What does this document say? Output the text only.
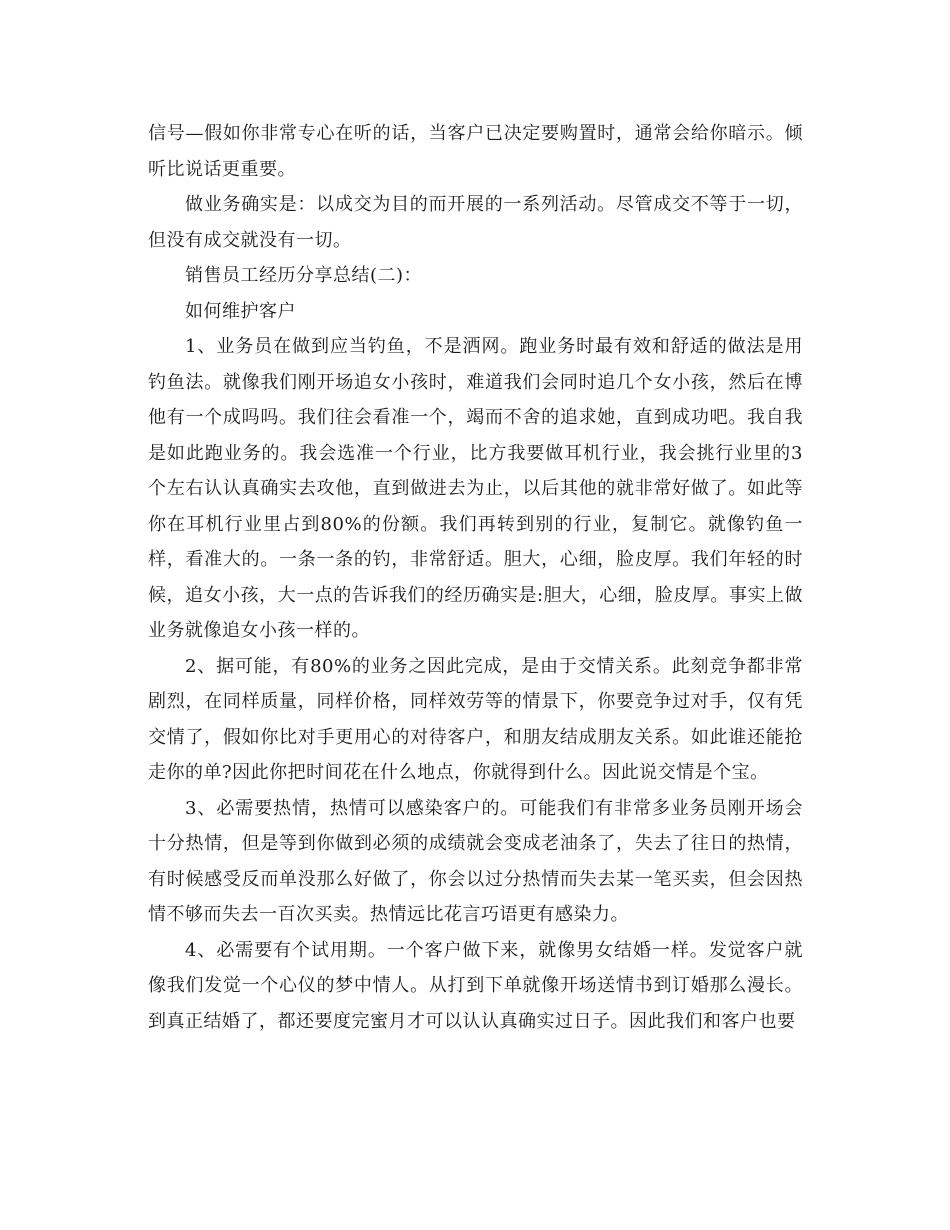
信号—假如你非常专心在听的话，当客户已决定要购置时，通常会给你暗示。倾听比说话更重要。

做业务确实是：以成交为目的而开展的一系列活动。尽管成交不等于一切，但没有成交就没有一切。

销售员工经历分享总结(二)：

如何维护客户

1、业务员在做到应当钓鱼，不是洒网。跑业务时最有效和舒适的做法是用钓鱼法。就像我们刚开场追女小孩时，难道我们会同时追几个女小孩，然后在博他有一个成吗吗。我们往会看准一个，竭而不舍的追求她，直到成功吧。我自我是如此跑业务的。我会选准一个行业，比方我要做耳机行业，我会挑行业里的3个左右认认真确实去攻他，直到做进去为止，以后其他的就非常好做了。如此等你在耳机行业里占到80%的份额。我们再转到别的行业，复制它。就像钓鱼一样，看准大的。一条一条的钓，非常舒适。胆大，心细，脸皮厚。我们年轻的时候，追女小孩，大一点的告诉我们的经历确实是:胆大，心细，脸皮厚。事实上做业务就像追女小孩一样的。

2、据可能，有80%的业务之因此完成，是由于交情关系。此刻竞争都非常剧烈，在同样质量，同样价格，同样效劳等的情景下，你要竞争过对手，仅有凭交情了，假如你比对手更用心的对待客户，和朋友结成朋友关系。如此谁还能抢走你的单?因此你把时间花在什么地点，你就得到什么。因此说交情是个宝。

3、必需要热情，热情可以感染客户的。可能我们有非常多业务员刚开场会十分热情，但是等到你做到必须的成绩就会变成老油条了，失去了往日的热情，有时候感受反而单没那么好做了，你会以过分热情而失去某一笔买卖，但会因热情不够而失去一百次买卖。热情远比花言巧语更有感染力。

4、必需要有个试用期。一个客户做下来，就像男女结婚一样。发觉客户就像我们发觉一个心仪的梦中情人。从打到下单就像开场送情书到订婚那么漫长。到真正结婚了，都还要度完蜜月才可以认认真确实过日子。因此我们和客户也要
